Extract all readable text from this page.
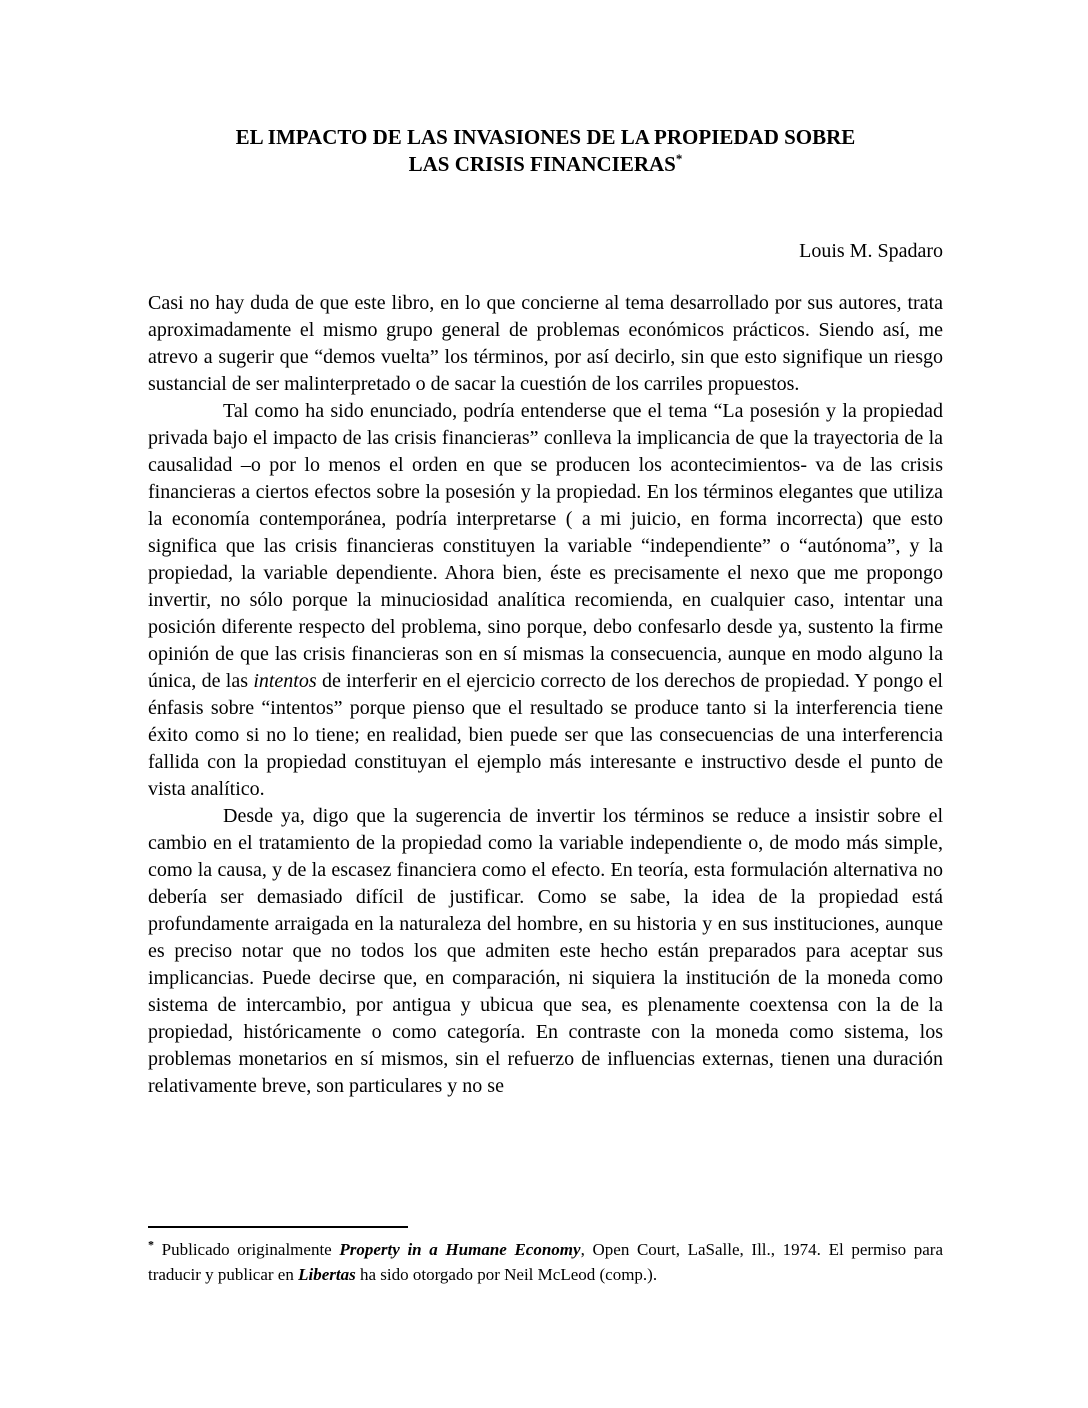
EL IMPACTO DE LAS INVASIONES DE LA PROPIEDAD SOBRE
LAS CRISIS FINANCIERAS*
Louis M. Spadaro

Casi no hay duda de que este libro, en lo que concierne al tema desarrollado por sus autores, trata aproximadamente el mismo grupo general de problemas económicos prácticos. Siendo así, me atrevo a sugerir que “demos vuelta” los términos, por así decirlo, sin que esto signifique un riesgo sustancial de ser malinterpretado o de sacar la cuestión de los carriles propuestos.

Tal como ha sido enunciado, podría entenderse que el tema “La posesión y la propiedad privada bajo el impacto de las crisis financieras” conlleva la implicancia de que la trayectoria de la causalidad –o por lo menos el orden en que se producen los acontecimientos- va de las crisis financieras a ciertos efectos sobre la posesión y la propiedad. En los términos elegantes que utiliza la economía contemporánea, podría interpretarse ( a mi juicio, en forma incorrecta) que esto significa que las crisis financieras constituyen la variable “independiente” o “autónoma”, y la propiedad, la variable dependiente. Ahora bien, éste es precisamente el nexo que me propongo invertir, no sólo porque la minuciosidad analítica recomienda, en cualquier caso, intentar una posición diferente respecto del problema, sino porque, debo confesarlo desde ya, sustento la firme opinión de que las crisis financieras son en sí mismas la consecuencia, aunque en modo alguno la única, de las intentos de interferir en el ejercicio correcto de los derechos de propiedad. Y pongo el énfasis sobre “intentos” porque pienso que el resultado se produce tanto si la interferencia tiene éxito como si no lo tiene; en realidad, bien puede ser que las consecuencias de una interferencia fallida con la propiedad constituyan el ejemplo más interesante e instructivo desde el punto de vista analítico.

Desde ya, digo que la sugerencia de invertir los términos se reduce a insistir sobre el cambio en el tratamiento de la propiedad como la variable independiente o, de modo más simple, como la causa, y de la escasez financiera como el efecto. En teoría, esta formulación alternativa no debería ser demasiado difícil de justificar. Como se sabe, la idea de la propiedad está profundamente arraigada en la naturaleza del hombre, en su historia y en sus instituciones, aunque es preciso notar que no todos los que admiten este hecho están preparados para aceptar sus implicancias. Puede decirse que, en comparación, ni siquiera la institución de la moneda como sistema de intercambio, por antigua y ubicua que sea, es plenamente coextensa con la de la propiedad, históricamente o como categoría. En contraste con la moneda como sistema, los problemas monetarios en sí mismos, sin el refuerzo de influencias externas, tienen una duración relativamente breve, son particulares y no se

* Publicado originalmente Property in a Humane Economy, Open Court, LaSalle, Ill., 1974. El permiso para traducir y publicar en Libertas ha sido otorgado por Neil McLeod (comp.).
